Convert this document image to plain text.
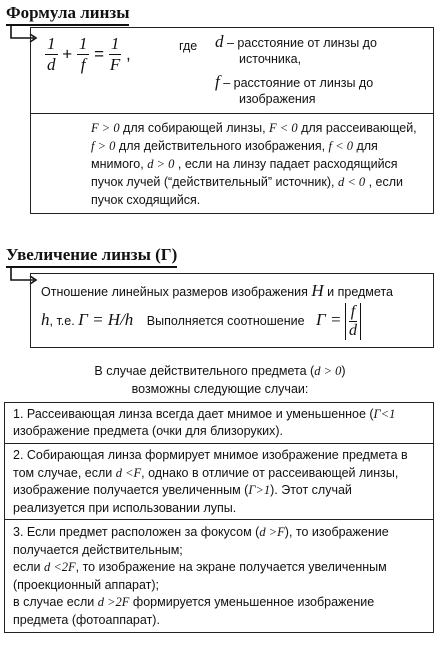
Формула линзы
$\frac{1}{d} + \frac{1}{f} = \frac{1}{F}$ ,	где d – расстояние от линзы до
источника,
f – расстояние от линзы до
изображения
F > 0 для собирающей линзы, F < 0 для рассеивающей,
f > 0 для действительного изображения, f < 0 для
мнимого, d > 0 , если на линзу падает расходящийся
пучок лучей (“действительный” источник), d < 0 , если
пучок сходящийся.
Увеличение линзы (Г)
Отношение линейных размеров изображения H и предмета
h, т.е. Г = H/h Выполняется соотношение $Г = \frac{f}{d}$
В случае действительного предмета (d > 0)
возможны следующие случаи:
1. Рассеивающая линза всегда дает мнимое и уменьшенное (Г<1
изображение предмета (очки для близоруких).
2. Собирающая линза формирует мнимое изображение предмета в
том случае, если d <F, однако в отличие от рассеивающей линзы,
изображение получается увеличенным (Г>1). Этот случай
реализуется при использовании лупы.
3. Если предмет расположен за фокусом (d >F), то изображение
получается действительным;
если d <2F, то изображение на экране получается увеличенным
(проекционный аппарат);
в случае если d >2F формируется уменьшенное изображение
предмета (фотоаппарат).
